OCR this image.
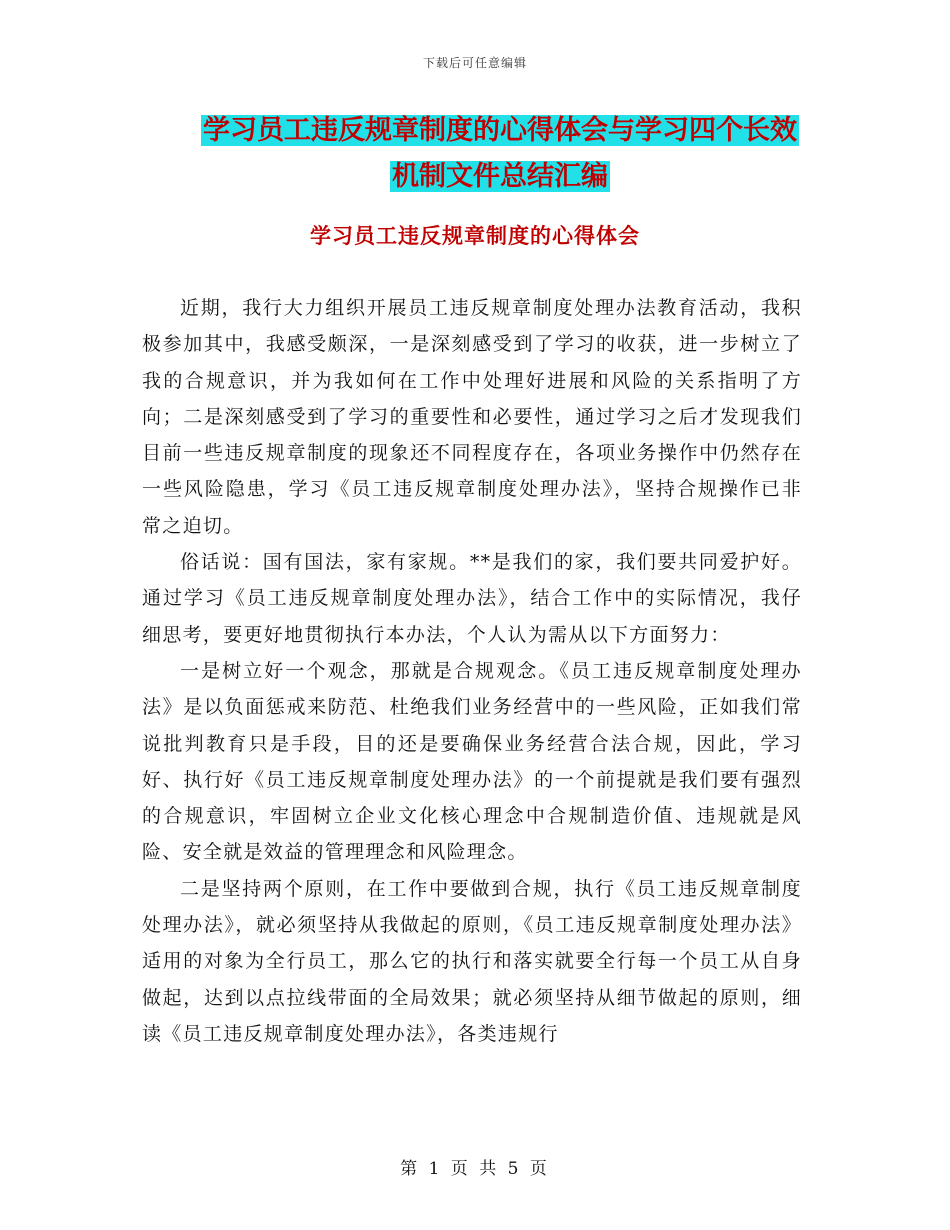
下载后可任意编辑
学习员工违反规章制度的心得体会与学习四个长效机制文件总结汇编
学习员工违反规章制度的心得体会

近期，我行大力组织开展员工违反规章制度处理办法教育活动，我积极参加其中，我感受颇深，一是深刻感受到了学习的收获，进一步树立了我的合规意识，并为我如何在工作中处理好进展和风险的关系指明了方向；二是深刻感受到了学习的重要性和必要性，通过学习之后才发现我们目前一些违反规章制度的现象还不同程度存在，各项业务操作中仍然存在一些风险隐患，学习《员工违反规章制度处理办法》，坚持合规操作已非常之迫切。

俗话说：国有国法，家有家规。**是我们的家，我们要共同爱护好。通过学习《员工违反规章制度处理办法》，结合工作中的实际情况，我仔细思考，要更好地贯彻执行本办法，个人认为需从以下方面努力：

一是树立好一个观念，那就是合规观念。《员工违反规章制度处理办法》是以负面惩戒来防范、杜绝我们业务经营中的一些风险，正如我们常说批判教育只是手段，目的还是要确保业务经营合法合规，因此，学习好、执行好《员工违反规章制度处理办法》的一个前提就是我们要有强烈的合规意识，牢固树立企业文化核心理念中合规制造价值、违规就是风险、安全就是效益的管理理念和风险理念。

二是坚持两个原则，在工作中要做到合规，执行《员工违反规章制度处理办法》，就必须坚持从我做起的原则，《员工违反规章制度处理办法》适用的对象为全行员工，那么它的执行和落实就要全行每一个员工从自身做起，达到以点拉线带面的全局效果；就必须坚持从细节做起的原则，细读《员工违反规章制度处理办法》，各类违规行

第 1 页 共 5 页
